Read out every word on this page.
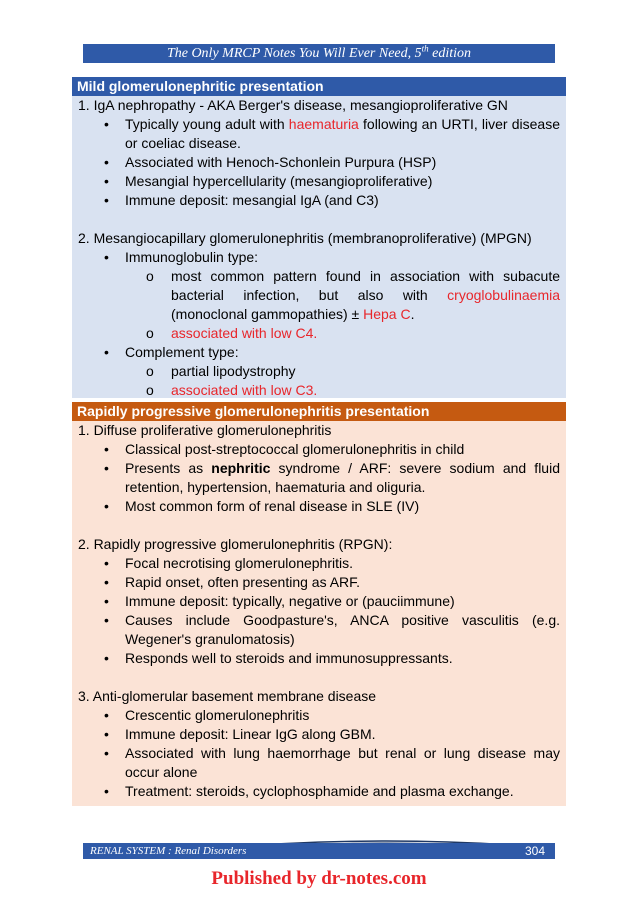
The Only MRCP Notes You Will Ever Need, 5th edition
Mild glomerulonephritic presentation
1. IgA nephropathy - AKA Berger's disease, mesangioproliferative GN
• Typically young adult with haematuria following an URTI, liver disease or coeliac disease.
• Associated with Henoch-Schonlein Purpura (HSP)
• Mesangial hypercellularity (mesangioproliferative)
• Immune deposit: mesangial IgA (and C3)
2. Mesangiocapillary glomerulonephritis (membranoproliferative) (MPGN)
• Immunoglobulin type:
o most common pattern found in association with subacute bacterial infection, but also with cryoglobulinaemia (monoclonal gammopathies) ± Hepa C.
o associated with low C4.
• Complement type:
o partial lipodystrophy
o associated with low C3.
Rapidly progressive glomerulonephritis presentation
1. Diffuse proliferative glomerulonephritis
• Classical post-streptococcal glomerulonephritis in child
• Presents as nephritic syndrome / ARF: severe sodium and fluid retention, hypertension, haematuria and oliguria.
• Most common form of renal disease in SLE (IV)
2. Rapidly progressive glomerulonephritis (RPGN):
• Focal necrotising glomerulonephritis.
• Rapid onset, often presenting as ARF.
• Immune deposit: typically, negative or (pauciimmune)
• Causes include Goodpasture's, ANCA positive vasculitis (e.g. Wegener's granulomatosis)
• Responds well to steroids and immunosuppressants.
3. Anti-glomerular basement membrane disease
• Crescentic glomerulonephritis
• Immune deposit: Linear IgG along GBM.
• Associated with lung haemorrhage but renal or lung disease may occur alone
• Treatment: steroids, cyclophosphamide and plasma exchange.
RENAL SYSTEM : Renal Disorders	304
Published by dr-notes.com
